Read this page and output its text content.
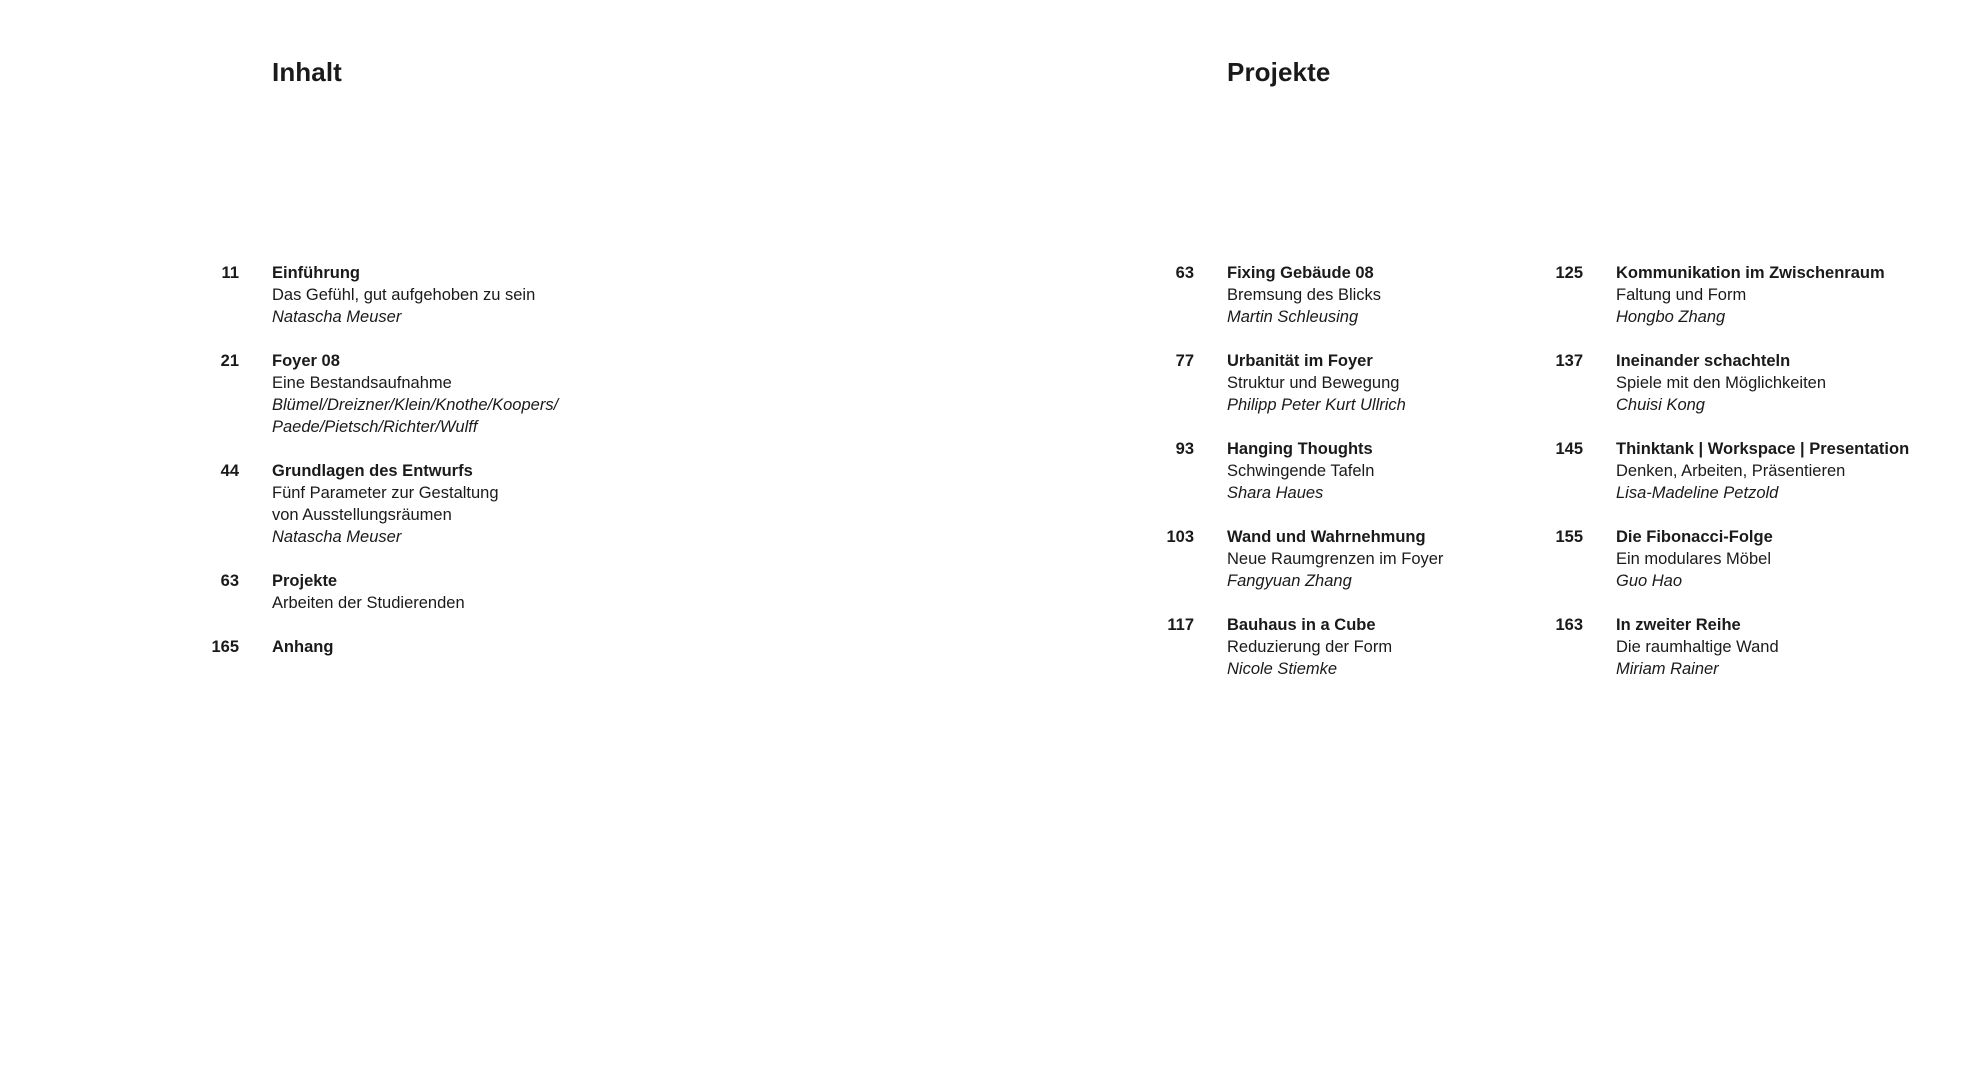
Inhalt	Projekte
11 Einführung
Das Gefühl, gut aufgehoben zu sein
Natascha Meuser
21 Foyer 08
Eine Bestandsaufnahme
Blümel/Dreizner/Klein/Knothe/Koopers/
Paede/Pietsch/Richter/Wulff
44 Grundlagen des Entwurfs
Fünf Parameter zur Gestaltung
von Ausstellungsräumen
Natascha Meuser
63 Projekte
Arbeiten der Studierenden
165 Anhang
63 Fixing Gebäude 08
Bremsung des Blicks
Martin Schleusing
77 Urbanität im Foyer
Struktur und Bewegung
Philipp Peter Kurt Ullrich
93 Hanging Thoughts
Schwingende Tafeln
Shara Haues
103 Wand und Wahrnehmung
Neue Raumgrenzen im Foyer
Fangyuan Zhang
117 Bauhaus in a Cube
Reduzierung der Form
Nicole Stiemke
125 Kommunikation im Zwischenraum
Faltung und Form
Hongbo Zhang
137 Ineinander schachteln
Spiele mit den Möglichkeiten
Chuisi Kong
145 Thinktank | Workspace | Presentation
Denken, Arbeiten, Präsentieren
Lisa-Madeline Petzold
155 Die Fibonacci-Folge
Ein modulares Möbel
Guo Hao
163 In zweiter Reihe
Die raumhaltige Wand
Miriam Rainer
